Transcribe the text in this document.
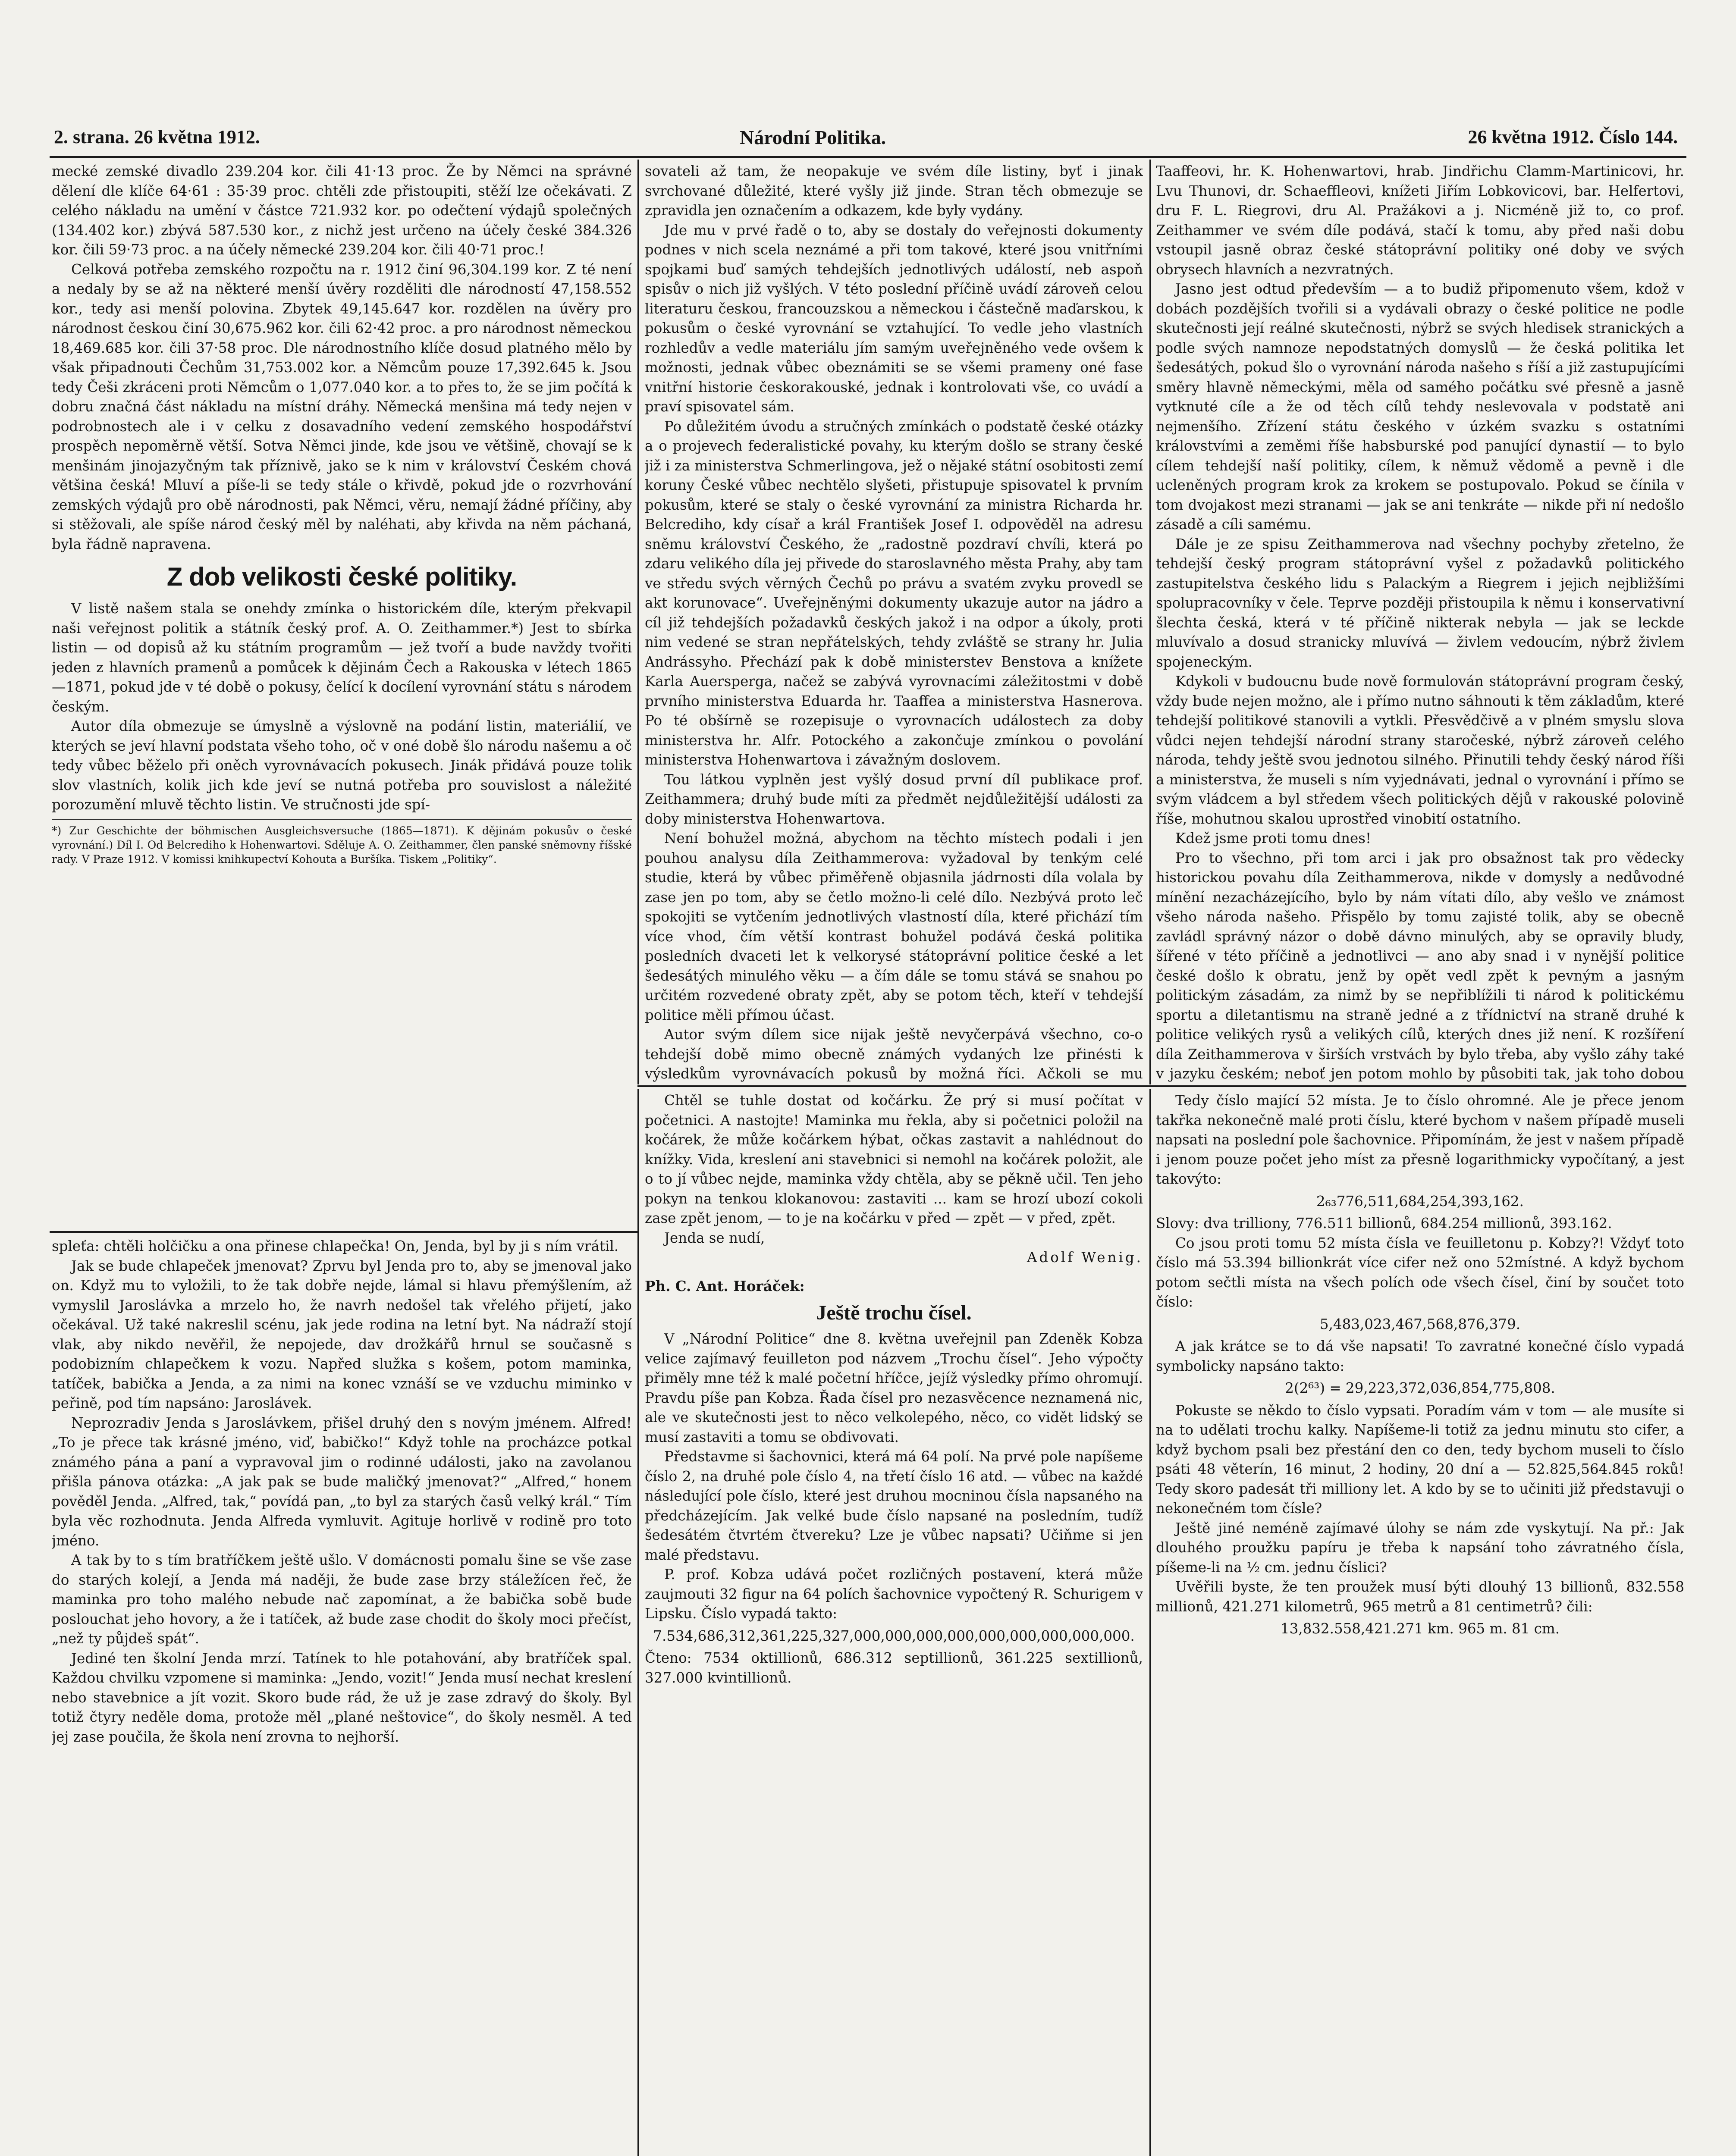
2. strana. 26 května 1912.	Národní Politika.	26 května 1912. Číslo 144.

mecké zemské divadlo 239.204 kor. čili 41·13 proc. Že by Němci na správné dělení dle klíče 64·61 : 35·39 proc. chtěli zde přistoupiti, stěží lze očekávati. Z celého nákladu na umění v částce 721.932 kor. po odečtení výdajů společných (134.402 kor.) zbývá 587.530 kor., z nichž jest určeno na účely české 384.326 kor. čili 59·73 proc. a na účely německé 239.204 kor. čili 40·71 proc.!

Celková potřeba zemského rozpočtu na r. 1912 činí 96,304.199 kor. Z té není a nedaly by se až na některé menší úvěry rozděliti dle národností 47,158.552 kor., tedy asi menší polovina. Zbytek 49,145.647 kor. rozdělen na úvěry pro národnost českou činí 30,675.962 kor. čili 62·42 proc. a pro národnost německou 18,469.685 kor. čili 37·58 proc. Dle národnostního klíče dosud platného mělo by však připadnouti Čechům 31,753.002 kor. a Němcům pouze 17,392.645 k. Jsou tedy Češi zkráceni proti Němcům o 1,077.040 kor. a to přes to, že se jim počítá k dobru značná část nákladu na místní dráhy. Německá menšina má tedy nejen v podrobnostech ale i v celku z dosavadního vedení zemského hospodářství prospěch nepoměrně větší. Sotva Němci jinde, kde jsou ve většině, chovají se k menšinám jinojazyčným tak příznivě, jako se k nim v království Českém chová většina česká! Mluví a píše-li se tedy stále o křivdě, pokud jde o rozvrhování zemských výdajů pro obě národnosti, pak Němci, věru, nemají žádné příčiny, aby si stěžovali, ale spíše národ český měl by naléhati, aby křivda na něm páchaná, byla řádně napravena.

Z dob velikosti české politiky.

V listě našem stala se onehdy zmínka o historickém díle, kterým překvapil naši veřejnost politik a státník český prof. A. O. Zeithammer.*) Jest to sbírka listin — od dopisů až ku státním programům — jež tvoří a bude navždy tvořiti jeden z hlavních pramenů a pomůcek k dějinám Čech a Rakouska v létech 1865—1871, pokud jde v té době o pokusy, čelící k docílení vyrovnání státu s národem českým.

Autor díla obmezuje se úmyslně a výslovně na podání listin, materiálií, ve kterých se jeví hlavní podstata všeho toho, oč v oné době šlo národu našemu a oč tedy vůbec běželo při oněch vyrovnávacích pokusech. Jinák přidává pouze tolik slov vlastních, kolik jich kde jeví se nutná potřeba pro souvislost a náležité porozumění mluvě těchto listin. Ve stručnosti jde spí-

*) Zur Geschichte der böhmischen Ausgleichsversuche (1865—1871). K dějinám pokusův o české vyrovnání.) Díl I. Od Belcrediho k Hohenwartovi. Sdělujе A. O. Zeithammer, člen panské sněmovny říšské rady. V Praze 1912. V komissi knihkupectví Kohouta a Buršíka. Tiskem „Politiky“.

sovateli až tam, že neopakuje ve svém díle listiny, byť i jinak svrchované důležité, které vyšly již jinde. Stran těch obmezuje se zpravidla jen označením a odkazem, kde byly vydány.

Jde mu v prvé řadě o to, aby se dostaly do veřejnosti dokumenty podnes v nich scela neznámé a při tom takové, které jsou vnitřními spojkami buď samých tehdejších jednotlivých událostí, neb aspoň spisův o nich již vyšlých. V této poslední příčině uvádí zároveň celou literaturu českou, francouzskou a německou i částečně maďarskou, k pokusům o české vyrovnání se vztahující. To vedle jeho vlastních rozhledův a vedle materiálu jím samým uveřejněného vede ovšem k možnosti, jednak vůbec obeznámiti se se všemi prameny oné fase vnitřní historie českorakouské, jednak i kontrolovati vše, co uvádí a praví spisovatel sám.

Po důležitém úvodu a stručných zmínkách o podstatě české otázky a o projevech federalistické povahy, ku kterým došlo se strany české již i za ministerstva Schmerlingova, jež o nějaké státní osobitosti zemí koruny České vůbec nechtělo slyšeti, přistupuje spisovatel k prvním pokusům, které se staly o české vyrovnání za ministra Richarda hr. Belcrediho, kdy císař a král František Josef I. odpověděl na adresu sněmu království Českého, že „radostně pozdraví chvíli, která po zdaru velikého díla jej přivede do staroslavného města Prahy, aby tam ve středu svých věrných Čechů po právu a svatém zvyku provedl se akt korunovace“. Uveřejněnými dokumenty ukazuje autor na jádro a cíl již tehdejších požadavků českých jakož i na odpor a úkoly, proti nim vedené se stran nepřátelských, tehdy zvláště se strany hr. Julia Andrássyho. Přechází pak k době ministerstev Benstova a knížete Karla Auersperga, načež se zabývá vyrovnacími záležitostmi v době prvního ministerstva Eduarda hr. Taaffea a ministerstva Hasnerova. Po té obšírně se rozepisuje o vyrovnacích událostech za doby ministerstva hr. Alfr. Potockého a zakončuje zmínkou o povolání ministerstva Hohenwartova i závažným doslovem.

Tou látkou vyplněn jest vyšlý dosud první díl publikace prof. Zeithammera; druhý bude míti za předmět nejdůležitější události za doby ministerstva Hohenwartova.

Není bohužel možná, abychom na těchto místech podali i jen pouhou analysu díla Zeithammerova: vyžadoval by tenkým celé studie, která by vůbec přiměřeně objasnila jádrnosti díla volala by zase jen po tom, aby se četlo možno-li celé dílo. Nezbývá proto leč spokojiti se vytčením jednotlivých vlastností díla, které přichází tím více vhod, čím větší kontrast bohužel podává česká politika posledních dvaceti let k velkorysé státoprávní politice české a let šedesátých minulého věku — a čím dále se tomu stává se snahou po určitém rozvedené obraty zpět, aby se potom těch, kteří v tehdejší politice měli přímou účast.

Autor svým dílem sice nijak ještě nevyčerpává všechno, co-o tehdejší době mimo obecně známých vydaných lze přinésti k výsledkům vyrovnávacích pokusů by možná říci. Ačkoli se mu

Taaffeovi, hr. K. Hohenwartovi, hrab. Jindřichu Clamm-Martinicovi, hr. Lvu Thunovi, dr. Schaeffleovi, knížeti Jiřím Lobkovicovi, bar. Helfertovi, dru F. L. Riegrovi, dru Al. Pražákovi a j. Nicméně již to, co prof. Zeithammer ve svém díle podává, stačí k tomu, aby před naši dobu vstoupil jasně obraz české státoprávní politiky oné doby ve svých obrysech hlavních a nezvratných.

Jasno jest odtud především — a to budiž připomenuto všem, kdož v dobách pozdějších tvořili si a vydávali obrazy o české politice ne podle skutečnosti její reálné skutečnosti, nýbrž se svých hledisek stranických a podle svých namnoze nepodstatných domyslů — že česká politika let šedesátých, pokud šlo o vyrovnání národa našeho s říší a již zastupujícími směry hlavně německými, měla od samého počátku své přesně a jasně vytknuté cíle a že od těch cílů tehdy neslevovala v podstatě ani nejmenšího. Zřízení státu českého v úzkém svazku s ostatními královstvími a zeměmi říše habsburské pod panující dynastií — to bylo cílem tehdejší naší politiky, cílem, k němuž vědomě a pevně i dle ucleněných program krok za krokem se postupovalo. Pokud se čínila v tom dvojakost mezi stranami — jak se ani tenkráte — nikde při ní nedošlo zásadě a cíli samému.

Dále je ze spisu Zeithammerova nad všechny pochyby zřetelno, že tehdejší český program státoprávní vyšel z požadavků politického zastupitelstva českého lidu s Palackým a Riegrem i jejich nejbližšími spolupracovníky v čele. Teprve později přistoupila k němu i konservativní šlechta česká, která v té příčině nikterak nebyla — jak se leckde mluvívalo a dosud stranicky mluvívá — živlem vedoucím, nýbrž živlem spojeneckým.

Kdykoli v budoucnu bude nově formulován státoprávní program český, vždy bude nejen možno, ale i přímo nutno sáhnouti k těm základům, které tehdejší politikové stanovili a vytkli. Přesvědčivě a v plném smyslu slova vůdci nejen tehdejší národní strany staročeské, nýbrž zároveň celého národa, tehdy ještě svou jednotou silného. Přinutili tehdy český národ říši a ministerstva, že museli s ním vyjednávati, jednal o vyrovnání i přímo se svým vládcem a byl středem všech politických dějů v rakouské polovině říše, mohutnou skalou uprostřed vinobití ostatního.

Kdež jsme proti tomu dnes!

Pro to všechno, při tom arci i jak pro obsažnost tak pro vědecky historickou povahu díla Zeithammerova, nikde v domysly a nedůvodné mínění nezacházejícího, bylo by nám vítati dílo, aby vešlo ve známost všeho národa našeho. Přispělo by tomu zajisté tolik, aby se obecně zavládl správný názor o době dávno minulých, aby se opravily bludy, šířené v této příčině a jednotlivci — ano aby snad i v nynější politice české došlo k obratu, jenž by opět vedl zpět k pevným a jasným politickým zásadám, za nimž by se nepřiblížili ti národ k politickému sportu a diletantismu na straně jedné a z třídnictví na straně druhé k politice velikých rysů a velikých cílů, kterých dnes již není. K rozšíření díla Zeithammerova v širších vrstvách by bylo třeba, aby vyšlo záhy také v jazyku českém; neboť jen potom mohlo by působiti tak, jak toho dobou

spleťa: chtěli holčičku a ona přinese chlapečka! On, Jenda, byl by ji s ním vrátil.

Jak se bude chlapeček jmenovat? Zprvu byl Jenda pro to, aby se jmenoval jako on. Když mu to vyložili, to že tak dobře nejde, lámal si hlavu přemýšlením, až vymyslil Jaroslávka a mrzelo ho, že navrh nedošel tak vřelého přijetí, jako očekával. Už také nakreslil scénu, jak jede rodina na letní byt. Na nádraží stojí vlak, aby nikdo nevěřil, že nepojede, dav drožkářů hrnul se současně s podobizním chlapečkem k vozu. Napřed služka s košem, potom maminka, tatíček, babička a Jenda, a za nimi na konec vznáší se ve vzduchu miminko v peřině, pod tím napsáno: Jaroslávek.

Neprozradiv Jenda s Jaroslávkem, přišel druhý den s novým jménem. Alfred! „To je přece tak krásné jméno, viď, babičko!“ Když tohle na procházce potkal známého pána a paní a vypravoval jim o rodinné události, jako na zavolanou přišla pánova otázka: „A jak pak se bude maličký jmenovat?“ „Alfred,“ honem pověděl Jenda. „Alfred, tak,“ povídá pan, „to byl za starých časů velký král.“ Tím byla věc rozhodnuta. Jenda Alfreda vymluvit. Agituje horlivě v rodině pro toto jméno.

A tak by to s tím bratříčkem ještě ušlo. V domácnosti pomalu šine se vše zase do starých kolejí, a Jenda má naději, že bude zase brzy stáležícen řeč, že maminka pro toho malého nebude nač zapomínat, a že babička sobě bude poslouchat jeho hovory, a že i tatíček, až bude zase chodit do školy moci přečíst, „než ty půjdeš spát“.

Jediné ten školní Jenda mrzí. Tatínek to hle potahování, aby bratříček spal. Každou chvilku vzpomene si maminka: „Jendo, vozit!“ Jenda musí nechat kreslení nebo stavebnice a jít vozit. Skoro bude rád, že už je zase zdravý do školy. Byl totiž čtyry neděle doma, protože měl „plané neštovice“, do školy nesměl. A ted jej zase poučila, že škola není zrovna to nejhorší.

Chtěl se tuhle dostat od kočárku. Že prý si musí počítat v početnici. A nastojte! Maminka mu řekla, aby si početnici položil na kočárek, že může kočárkem hýbat, očkas zastavit a nahlédnout do knížky. Vida, kreslení ani stavebnici si nemohl na kočárek položit, ale o to jí vůbec nejde, maminka vždy chtěla, aby se pěkně učil. Ten jeho pokyn na tenkou klokanovou: zastaviti ... kam se hrozí ubozí cokoli zase zpět jenom, — to je na kočárku v před — zpět — v před, zpět.

Jenda se nudí,

Adolf Wenig.

Ph. C. Ant. Horáček:

Ještě trochu čísel.

V „Národní Politice“ dne 8. května uveřejnil pan Zdeněk Kobza velice zajímavý feuilleton pod názvem „Trochu čísel“. Jeho výpočty přiměly mne též k malé početní hříčce, jejíž výsledky přímo ohromují. Pravdu píše pan Kobza. Řada čísel pro nezasvěcence neznamená nic, ale ve skutečnosti jest to něco velkolepého, něco, co vidět lidský se musí zastaviti a tomu se obdivovati.

Představme si šachovnici, která má 64 polí. Na prvé pole napíšeme číslo 2, na druhé pole číslo 4, na třetí číslo 16 atd. — vůbec na každé následující pole číslo, které jest druhou mocninou čísla napsaného na předcházejícím. Jak velké bude číslo napsané na posledním, tudíž šedesátém čtvrtém čtvereku? Lze je vůbec napsati? Učiňme si jen malé představu.

P. prof. Kobza udává počet rozličných postavení, která může zaujmouti 32 figur na 64 polích šachovnice vypočtený R. Schurigem v Lipsku. Číslo vypadá takto:

7.534,686,312,361,225,327,000,000,000,000,000,000,000,000,000.

Čteno: 7534 oktillionů, 686.312 septillionů, 361.225 sextillionů, 327.000 kvintillionů.

Tedy číslo mající 52 místa. Je to číslo ohromné. Ale je přece jenom takřka nekonečně malé proti číslu, které bychom v našem případě museli napsati na poslední pole šachovnice. Připomínám, že jest v našem případě i jenom pouze počet jeho míst za přesně logarithmicky vypočítaný, a jest takovýto:

2₆₃776,511,684,254,393,162.

Slovy: dva trilliony, 776.511 billionů, 684.254 millionů, 393.162.

Co jsou proti tomu 52 místa čísla ve feuilletonu p. Kobzy?! Vždyť toto číslo má 53.394 billionkrát více cifer než ono 52místné. A když bychom potom sečtli místa na všech polích ode všech čísel, činí by součet toto číslo:

5,483,023,467,568,876,379.

A jak krátce se to dá vše napsati! To zavratné konečné číslo vypadá symbolicky napsáno takto:

2(2⁶³) = 29,223,372,036,854,775,808.

Pokuste se někdo to číslo vypsati. Poradím vám v tom — ale musíte si na to udělati trochu kalky. Napíšeme-li totiž za jednu minutu sto cifer, a když bychom psali bez přestání den co den, tedy bychom museli to číslo psáti 48 věterín, 16 minut, 2 hodiny, 20 dní a — 52.825,564.845 roků! Tedy skoro padesát tři milliony let. A kdo by se to učiniti již představuji o nekonečném tom čísle?

Ještě jiné neméně zajímavé úlohy se nám zde vyskytují. Na př.: Jak dlouhého proužku papíru je třeba k napsání toho závratného čísla, píšeme-li na ½ cm. jednu číslici?

Uvěřili byste, že ten proužek musí býti dlouhý 13 billionů, 832.558 millionů, 421.271 kilometrů, 965 metrů a 81 centimetrů? čili:

13,832.558,421.271 km. 965 m. 81 cm.
